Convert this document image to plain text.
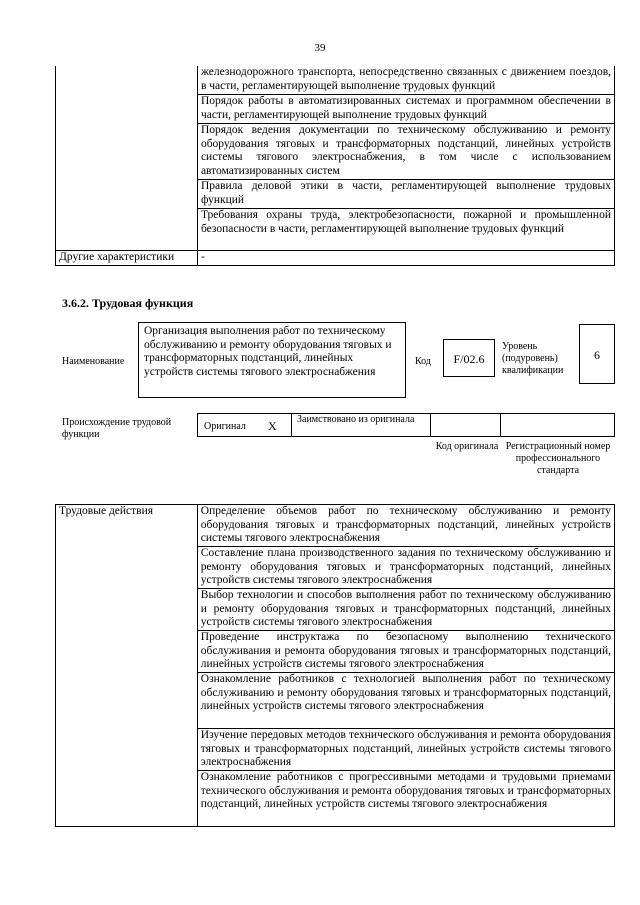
39
	железнодорожного транспорта, непосредственно связанных с движением поездов, в части, регламентирующей выполнение трудовых функций
	Порядок работы в автоматизированных системах и программном обеспечении в части, регламентирующей выполнение трудовых функций
	Порядок ведения документации по техническому обслуживанию и ремонту оборудования тяговых и трансформаторных подстанций, линейных устройств системы тягового электроснабжения, в том числе с использованием автоматизированных систем
	Правила деловой этики в части, регламентирующей выполнение трудовых функций
	Требования охраны труда, электробезопасности, пожарной и промышленной безопасности в части, регламентирующей выполнение трудовых функций
Другие характеристики	-
3.6.2. Трудовая функция
Наименование
Организация выполнения работ по техническому обслуживанию и ремонту оборудования тяговых и трансформаторных подстанций, линейных устройств системы тягового электроснабжения
Код	F/02.6
Уровень (подуровень) квалификации
6
Происхождение трудовой функции
Оригинал X Заимствовано из оригинала
Код оригинала Регистрационный номер профессионального стандарта
Трудовые действия	Определение объемов работ по техническому обслуживанию и ремонту оборудования тяговых и трансформаторных подстанций, линейных устройств системы тягового электроснабжения
Составление плана производственного задания по техническому обслуживанию и ремонту оборудования тяговых и трансформаторных подстанций, линейных устройств системы тягового электроснабжения
Выбор технологии и способов выполнения работ по техническому обслуживанию и ремонту оборудования тяговых и трансформаторных подстанций, линейных устройств системы тягового электроснабжения
Проведение инструктажа по безопасному выполнению технического обслуживания и ремонта оборудования тяговых и трансформаторных подстанций, линейных устройств системы тягового электроснабжения
Ознакомление работников с технологией выполнения работ по техническому обслуживанию и ремонту оборудования тяговых и трансформаторных подстанций, линейных устройств системы тягового электроснабжения
Изучение передовых методов технического обслуживания и ремонта оборудования тяговых и трансформаторных подстанций, линейных устройств системы тягового электроснабжения
Ознакомление работников с прогрессивными методами и трудовыми приемами технического обслуживания и ремонта оборудования тяговых и трансформаторных подстанций, линейных устройств системы тягового электроснабжения
